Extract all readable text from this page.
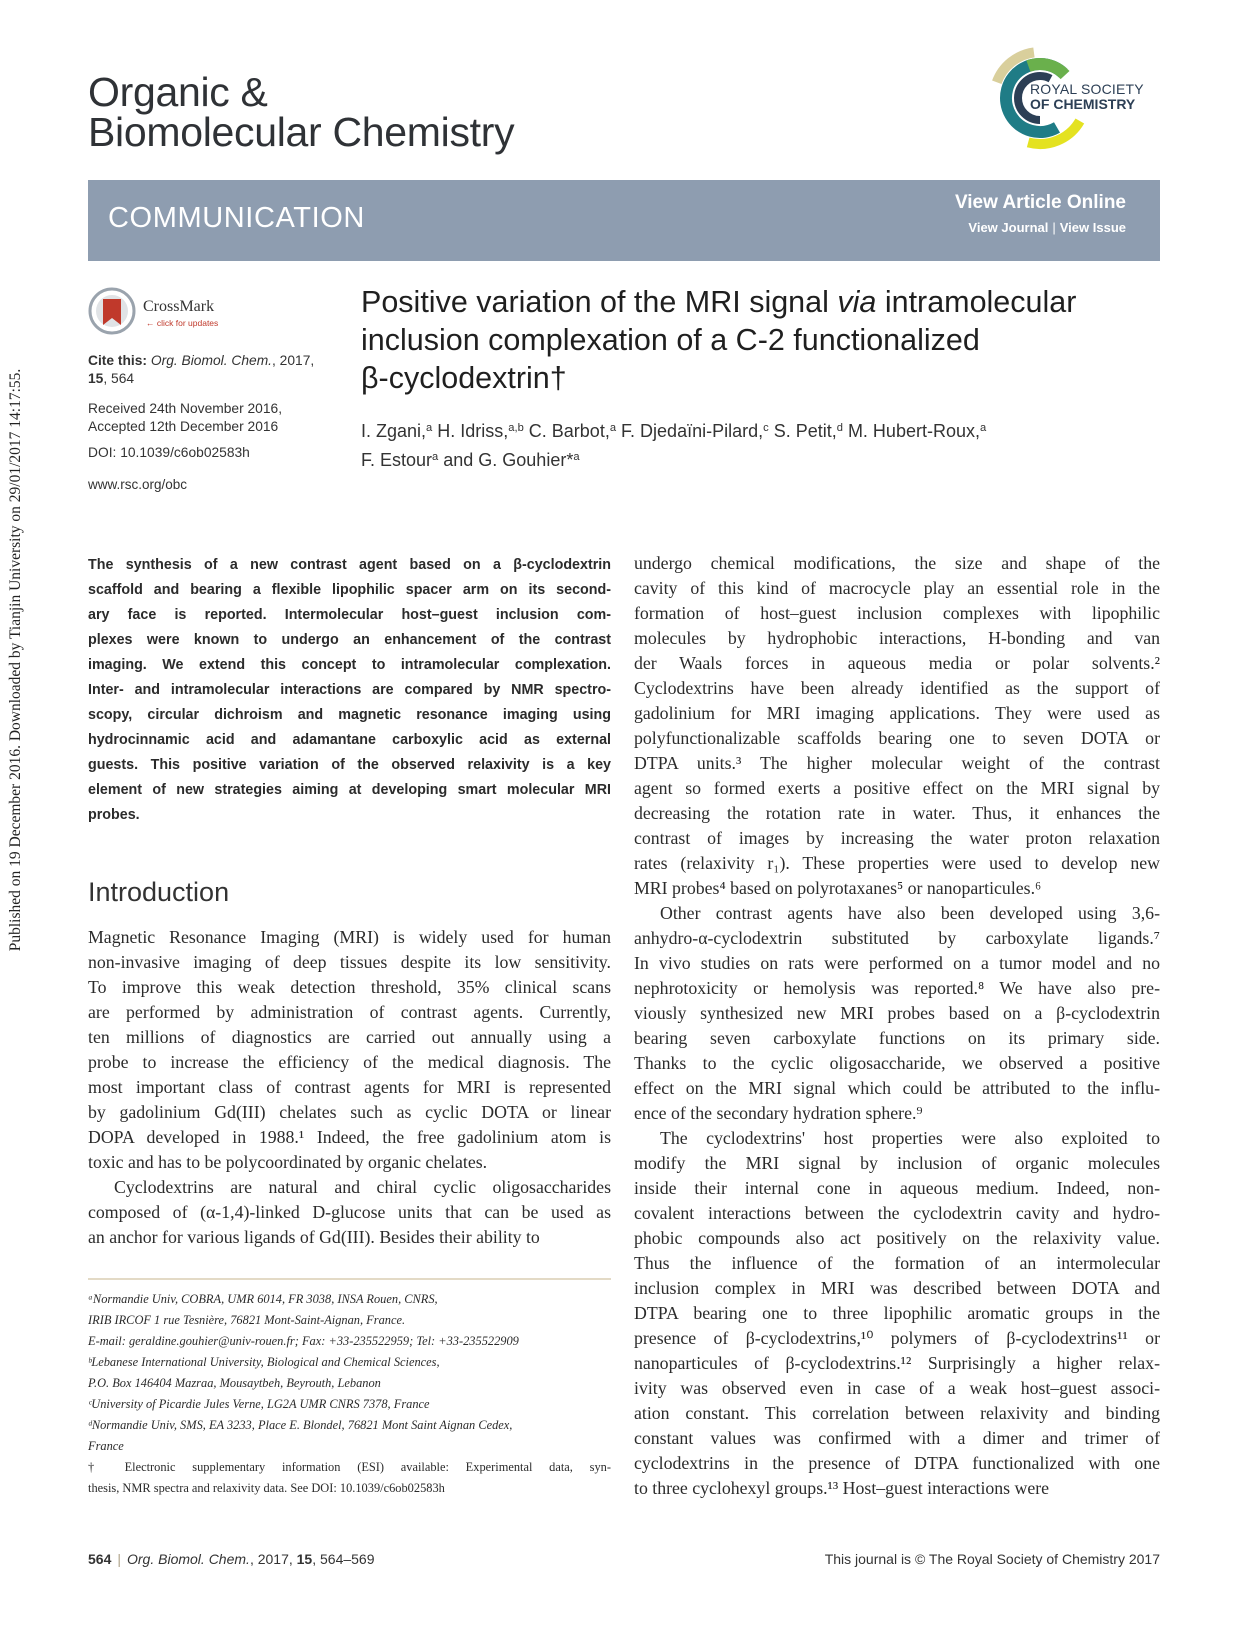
Published on 19 December 2016. Downloaded by Tianjin University on 29/01/2017 14:17:55.
Organic &
Biomolecular Chemistry
ROYAL SOCIETY
OF CHEMISTRY
COMMUNICATION	View Article Online
View Journal | View Issue
CrossMark
← click for updates
Cite this: Org. Biomol. Chem., 2017,
15, 564
Received 24th November 2016,
Accepted 12th December 2016
DOI: 10.1039/c6ob02583h
www.rsc.org/obc
Positive variation of the MRI signal via intramolecular
inclusion complexation of a C-2 functionalized
β-cyclodextrin†
I. Zgani,$^a$ H. Idriss,$^{a,b}$ C. Barbot,$^a$ F. Djedaïni-Pilard,$^c$ S. Petit,$^d$ M. Hubert-Roux,$^a$
F. Estour$^a$ and G. Gouhier*$^a$
The synthesis of a new contrast agent based on a β-cyclodextrin
scaffold and bearing a flexible lipophilic spacer arm on its second-
ary face is reported. Intermolecular host–guest inclusion com-
plexes were known to undergo an enhancement of the contrast
imaging. We extend this concept to intramolecular complexation.
Inter- and intramolecular interactions are compared by NMR spectro-
scopy, circular dichroism and magnetic resonance imaging using
hydrocinnamic acid and adamantane carboxylic acid as external
guests. This positive variation of the observed relaxivity is a key
element of new strategies aiming at developing smart molecular MRI
probes.
Introduction
Magnetic Resonance Imaging (MRI) is widely used for human
non-invasive imaging of deep tissues despite its low sensitivity.
To improve this weak detection threshold, 35% clinical scans
are performed by administration of contrast agents. Currently,
ten millions of diagnostics are carried out annually using a
probe to increase the efficiency of the medical diagnosis. The
most important class of contrast agents for MRI is represented
by gadolinium Gd(III) chelates such as cyclic DOTA or linear
DOPA developed in 1988.¹ Indeed, the free gadolinium atom is
toxic and has to be polycoordinated by organic chelates.
Cyclodextrins are natural and chiral cyclic oligosaccharides
composed of (α-1,4)-linked D-glucose units that can be used as
an anchor for various ligands of Gd(III). Besides their ability to
undergo chemical modifications, the size and shape of the
cavity of this kind of macrocycle play an essential role in the
formation of host–guest inclusion complexes with lipophilic
molecules by hydrophobic interactions, H-bonding and van
der Waals forces in aqueous media or polar solvents.²
Cyclodextrins have been already identified as the support of
gadolinium for MRI imaging applications. They were used as
polyfunctionalizable scaffolds bearing one to seven DOTA or
DTPA units.³ The higher molecular weight of the contrast
agent so formed exerts a positive effect on the MRI signal by
decreasing the rotation rate in water. Thus, it enhances the
contrast of images by increasing the water proton relaxation
rates (relaxivity r₁). These properties were used to develop new
MRI probes⁴ based on polyrotaxanes⁵ or nanoparticules.⁶
Other contrast agents have also been developed using 3,6-
anhydro-α-cyclodextrin substituted by carboxylate ligands.⁷
In vivo studies on rats were performed on a tumor model and no
nephrotoxicity or hemolysis was reported.⁸ We have also pre-
viously synthesized new MRI probes based on a β-cyclodextrin
bearing seven carboxylate functions on its primary side.
Thanks to the cyclic oligosaccharide, we observed a positive
effect on the MRI signal which could be attributed to the influ-
ence of the secondary hydration sphere.⁹
The cyclodextrins' host properties were also exploited to
modify the MRI signal by inclusion of organic molecules
inside their internal cone in aqueous medium. Indeed, non-
covalent interactions between the cyclodextrin cavity and hydro-
phobic compounds also act positively on the relaxivity value.
Thus the influence of the formation of an intermolecular
inclusion complex in MRI was described between DOTA and
DTPA bearing one to three lipophilic aromatic groups in the
presence of β-cyclodextrins,¹⁰ polymers of β-cyclodextrins¹¹ or
nanoparticules of β-cyclodextrins.¹² Surprisingly a higher relax-
ivity was observed even in case of a weak host–guest associ-
ation constant. This correlation between relaxivity and binding
constant values was confirmed with a dimer and trimer of
cyclodextrins in the presence of DTPA functionalized with one
to three cyclohexyl groups.¹³ Host–guest interactions were
ᵃNormandie Univ, COBRA, UMR 6014, FR 3038, INSA Rouen, CNRS,
IRIB IRCOF 1 rue Tesnière, 76821 Mont-Saint-Aignan, France.
E-mail: geraldine.gouhier@univ-rouen.fr; Fax: +33-235522959; Tel: +33-235522909
ᵇLebanese International University, Biological and Chemical Sciences,
P.O. Box 146404 Mazraa, Mousaytbeh, Beyrouth, Lebanon
ᶜUniversity of Picardie Jules Verne, LG2A UMR CNRS 7378, France
ᵈNormandie Univ, SMS, EA 3233, Place E. Blondel, 76821 Mont Saint Aignan Cedex,
France
† Electronic supplementary information (ESI) available: Experimental data, syn-
thesis, NMR spectra and relaxivity data. See DOI: 10.1039/c6ob02583h
564 | Org. Biomol. Chem., 2017, 15, 564–569	This journal is © The Royal Society of Chemistry 2017
